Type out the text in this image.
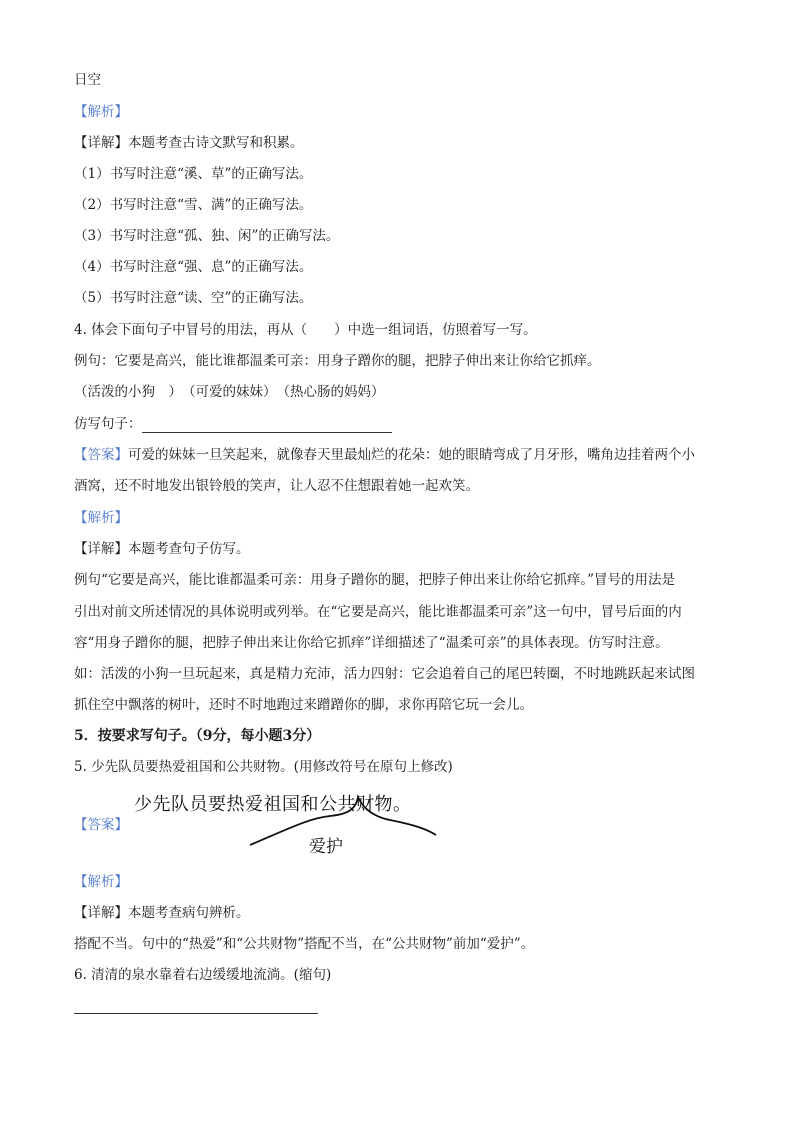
日空
【解析】
【详解】本题考查古诗文默写和积累。
（1）书写时注意“溪、草”的正确写法。
（2）书写时注意“雪、满”的正确写法。
（3）书写时注意“孤、独、闲”的正确写法。
（4）书写时注意“强、息”的正确写法。
（5）书写时注意“读、空”的正确写法。
4. 体会下面句子中冒号的用法，再从（　　）中选一组词语，仿照着写一写。
例句：它要是高兴，能比谁都温柔可亲：用身子蹭你的腿，把脖子伸出来让你给它抓痒。
（活泼的小狗　）　（可爱的妹妹）　（热心肠的妈妈）
仿写句子：
【答案】可爱的妹妹一旦笑起来，就像春天里最灿烂的花朵：她的眼睛弯成了月牙形，嘴角边挂着两个小
酒窝，还不时地发出银铃般的笑声，让人忍不住想跟着她一起欢笑。
【解析】
【详解】本题考查句子仿写。
例句“它要是高兴，能比谁都温柔可亲：用身子蹭你的腿，把脖子伸出来让你给它抓痒。”冒号的用法是
引出对前文所述情况的具体说明或列举。在“它要是高兴，能比谁都温柔可亲”这一句中，冒号后面的内
容“用身子蹭你的腿，把脖子伸出来让你给它抓痒”详细描述了“温柔可亲”的具体表现。仿写时注意。
如：活泼的小狗一旦玩起来，真是精力充沛，活力四射：它会追着自己的尾巴转圈，不时地跳跃起来试图
抓住空中飘落的树叶，还时不时地跑过来蹭蹭你的脚，求你再陪它玩一会儿。
5．按要求写句子。（9分，每小题3分）
5. 少先队员要热爱祖国和公共财物。(用修改符号在原句上修改)
少先队员要热爱祖国和公共财物。
【答案】
爱护
【解析】
【详解】本题考查病句辨析。
搭配不当。句中的“热爱”和“公共财物”搭配不当，在“公共财物”前加“爱护”。
6. 清清的泉水靠着右边缓缓地流淌。(缩句)
